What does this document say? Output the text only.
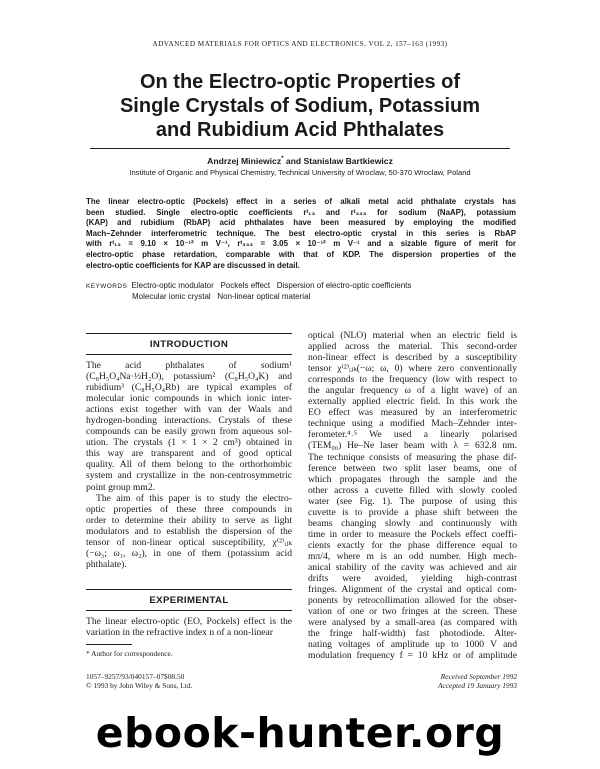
ADVANCED MATERIALS FOR OPTICS AND ELECTRONICS, VOL 2, 157–163 (1993)
On the Electro-optic Properties of
Single Crystals of Sodium, Potassium
and Rubidium Acid Phthalates
Andrzej Miniewicz* and Stanislaw Bartkiewicz
Institute of Organic and Physical Chemistry, Technical University of Wroclaw, 50-370 Wroclaw, Poland
The linear electro-optic (Pockels) effect in a series of alkali metal acid phthalate crystals has
been studied. Single electro-optic coefficients rᵗ₁₃ and rᵗ₃₃₃ for sodium (NaAP), potassium
(KAP) and rubidium (RbAP) acid phthalates have been measured by employing the modified
Mach–Zehnder interferometric technique. The best electro-optic crystal in this series is RbAP
with rᵗ₁₃ = 9.10 × 10⁻¹² m V⁻¹, rᵗ₃₃₃ = 3.05 × 10⁻¹² m V⁻¹ and a sizable figure of merit for
electro-optic phase retardation, comparable with that of KDP. The dispersion properties of the
electro-optic coefficients for KAP are discussed in detail.
KEYWORDS Electro-optic modulator   Pockels effect   Dispersion of electro-optic coefficients
Molecular ionic crystal   Non-linear optical material
INTRODUCTION
The    acid    phthalates    of    sodium¹
(C₈H₅O₄Na·½H₂O), potassium² (C₈H₅O₄K) and
rubidium³ (C₈H₅O₄Rb) are typical examples of
molecular ionic compounds in which ionic inter-
actions exist together with van der Waals and
hydrogen-bonding interactions. Crystals of these
compounds can be easily grown from aqueous sol-
ution. The crystals (1 × 1 × 2 cm³) obtained in
this way are transparent and of good optical
quality. All of them belong to the orthorhombic
system and crystallize in the non-centrosymmetric
point group mm2.
The aim of this paper is to study the electro-
optic properties of these three compounds in
order to determine their ability to serve as light
modulators and to establish the dispersion of the
tensor of non-linear optical susceptibility, χ⁽²⁾ᵢⱼₖ
(−ω₃; ω₁, ω₂), in one of them (potassium acid
phthalate).
EXPERIMENTAL
The linear electro-optic (EO, Pockels) effect is the
variation in the refractive index n of a non-linear
* Author for correspondence.
optical (NLO) material when an electric field is
applied across the material. This second-order
non-linear effect is described by a susceptibility
tensor χ⁽²⁾ᵢⱼₖ(−ω; ω, 0) where zero conventionally
corresponds to the frequency (low with respect to
the angular frequency ω of a light wave) of an
externally applied electric field. In this work the
EO effect was measured by an interferometric
technique using a modified Mach–Zehnder inter-
ferometer.⁴˒⁵ We used a linearly polarised
(TEM₀₀) He–Ne laser beam with λ = 632.8 nm.
The technique consists of measuring the phase dif-
ference between two split laser beams, one of
which propagates through the sample and the
other across a cuvette filled with slowly cooled
water (see Fig. 1). The purpose of using this
cuvette is to provide a phase shift between the
beams changing slowly and continuously with
time in order to measure the Pockels effect coeffi-
cients exactly for the phase difference equal to
mπ/4, where m is an odd number. High mech-
anical stability of the cavity was achieved and air
drifts were avoided, yielding high-contrast
fringes. Alignment of the crystal and optical com-
ponents by retrocollimation allowed for the obser-
vation of one or two fringes at the screen. These
were analysed by a small-area (as compared with
the fringe half-width) fast photodiode. Alter-
nating voltages of amplitude up to 1000 V and
modulation frequency f = 10 kHz or of amplitude
1057–9257/93/040157–07$08.50
© 1993 by John Wiley & Sons, Ltd.
Received September 1992
Accepted 19 January 1993
ebook-hunter.org
